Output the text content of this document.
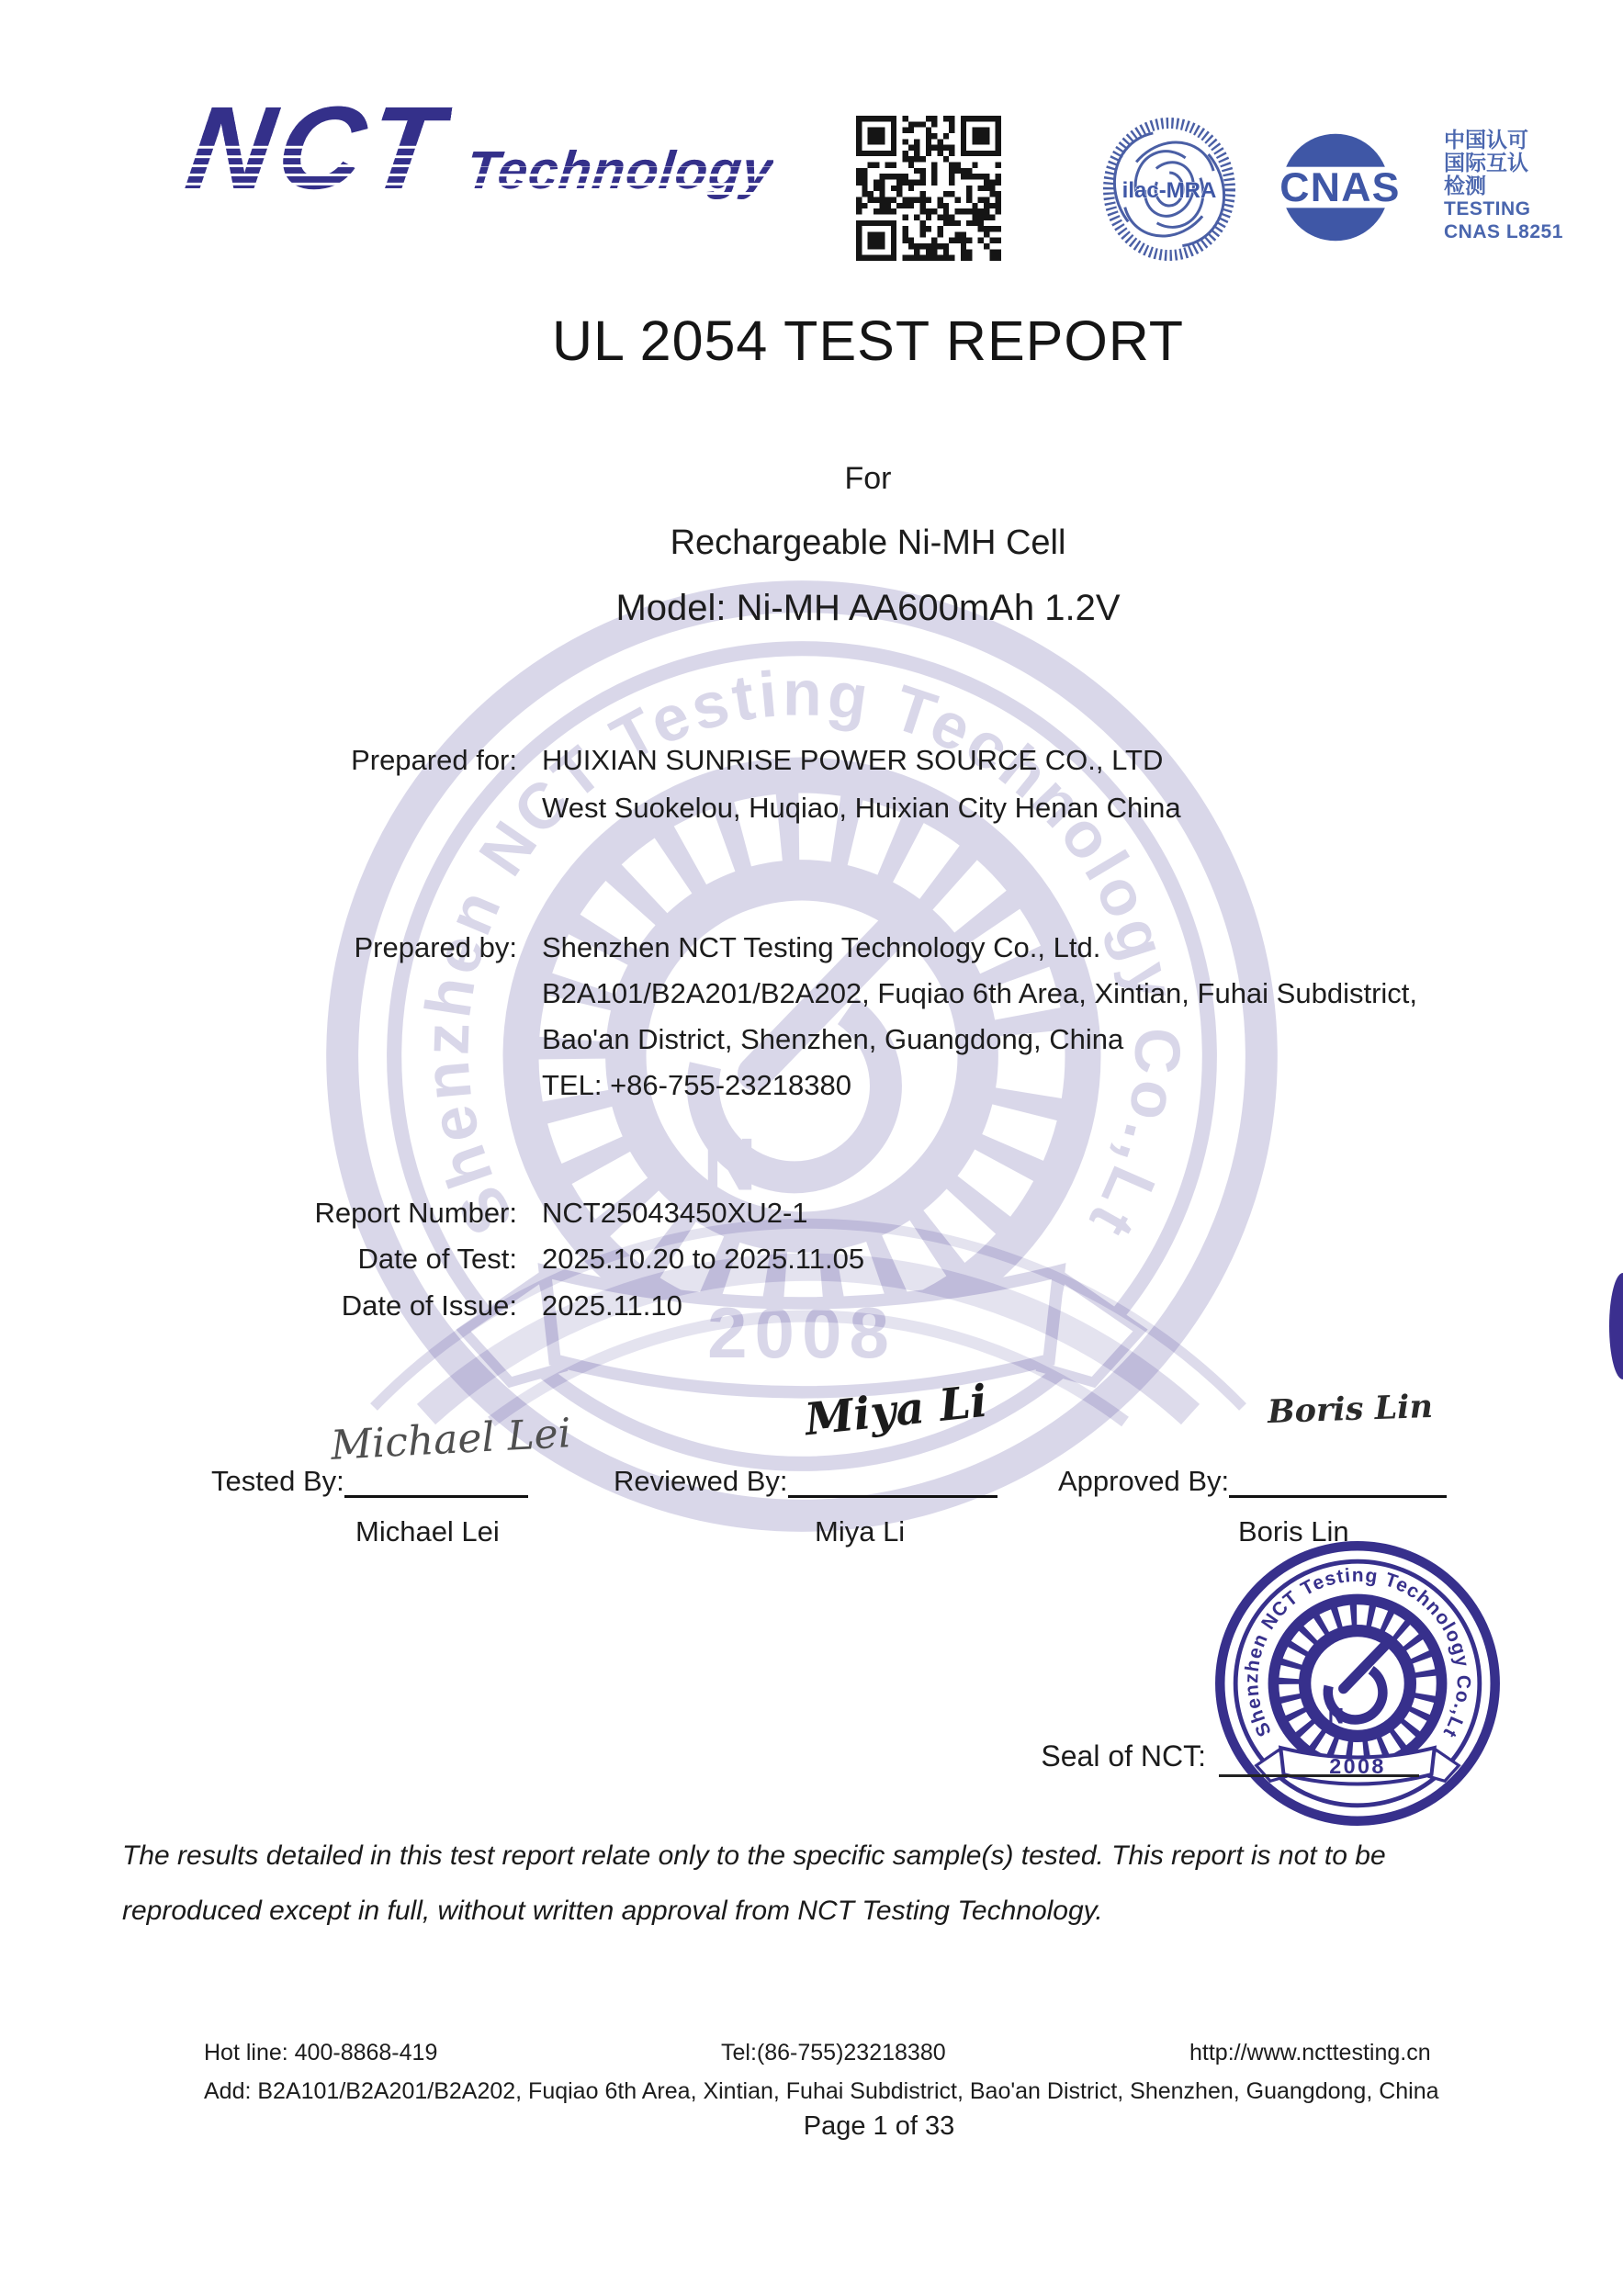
NCT Technology	ilac-MRA CNAS
中国认可
国际互认
检测
TESTING
CNAS L8251
UL 2054 TEST REPORT
For
Rechargeable Ni-MH Cell
Model: Ni-MH AA600mAh 1.2V
Prepared for: HUIXIAN SUNRISE POWER SOURCE CO., LTD
West Suokelou, Huqiao, Huixian City Henan China
Prepared by: Shenzhen NCT Testing Technology Co., Ltd.
B2A101/B2A201/B2A202, Fuqiao 6th Area, Xintian, Fuhai Subdistrict,
Bao'an District, Shenzhen, Guangdong, China
TEL: +86-755-23218380
Report Number: NCT25043450XU2-1
Date of Test: 2025.10.20 to 2025.11.05
Date of Issue: 2025.11.10
Michael Lei	Miya Li	Boris Lin
Tested By:	Reviewed By:	Approved By:
Michael Lei	Miya Li	Boris Lin
Seal of NCT:
The results detailed in this test report relate only to the specific sample(s) tested. This report is not to be
reproduced except in full, without written approval from NCT Testing Technology.
Hot line: 400-8868-419	Tel:(86-755)23218380	http://www.ncttesting.cn
Add: B2A101/B2A201/B2A202, Fuqiao 6th Area, Xintian, Fuhai Subdistrict, Bao'an District, Shenzhen, Guangdong, China
Page 1 of 33
